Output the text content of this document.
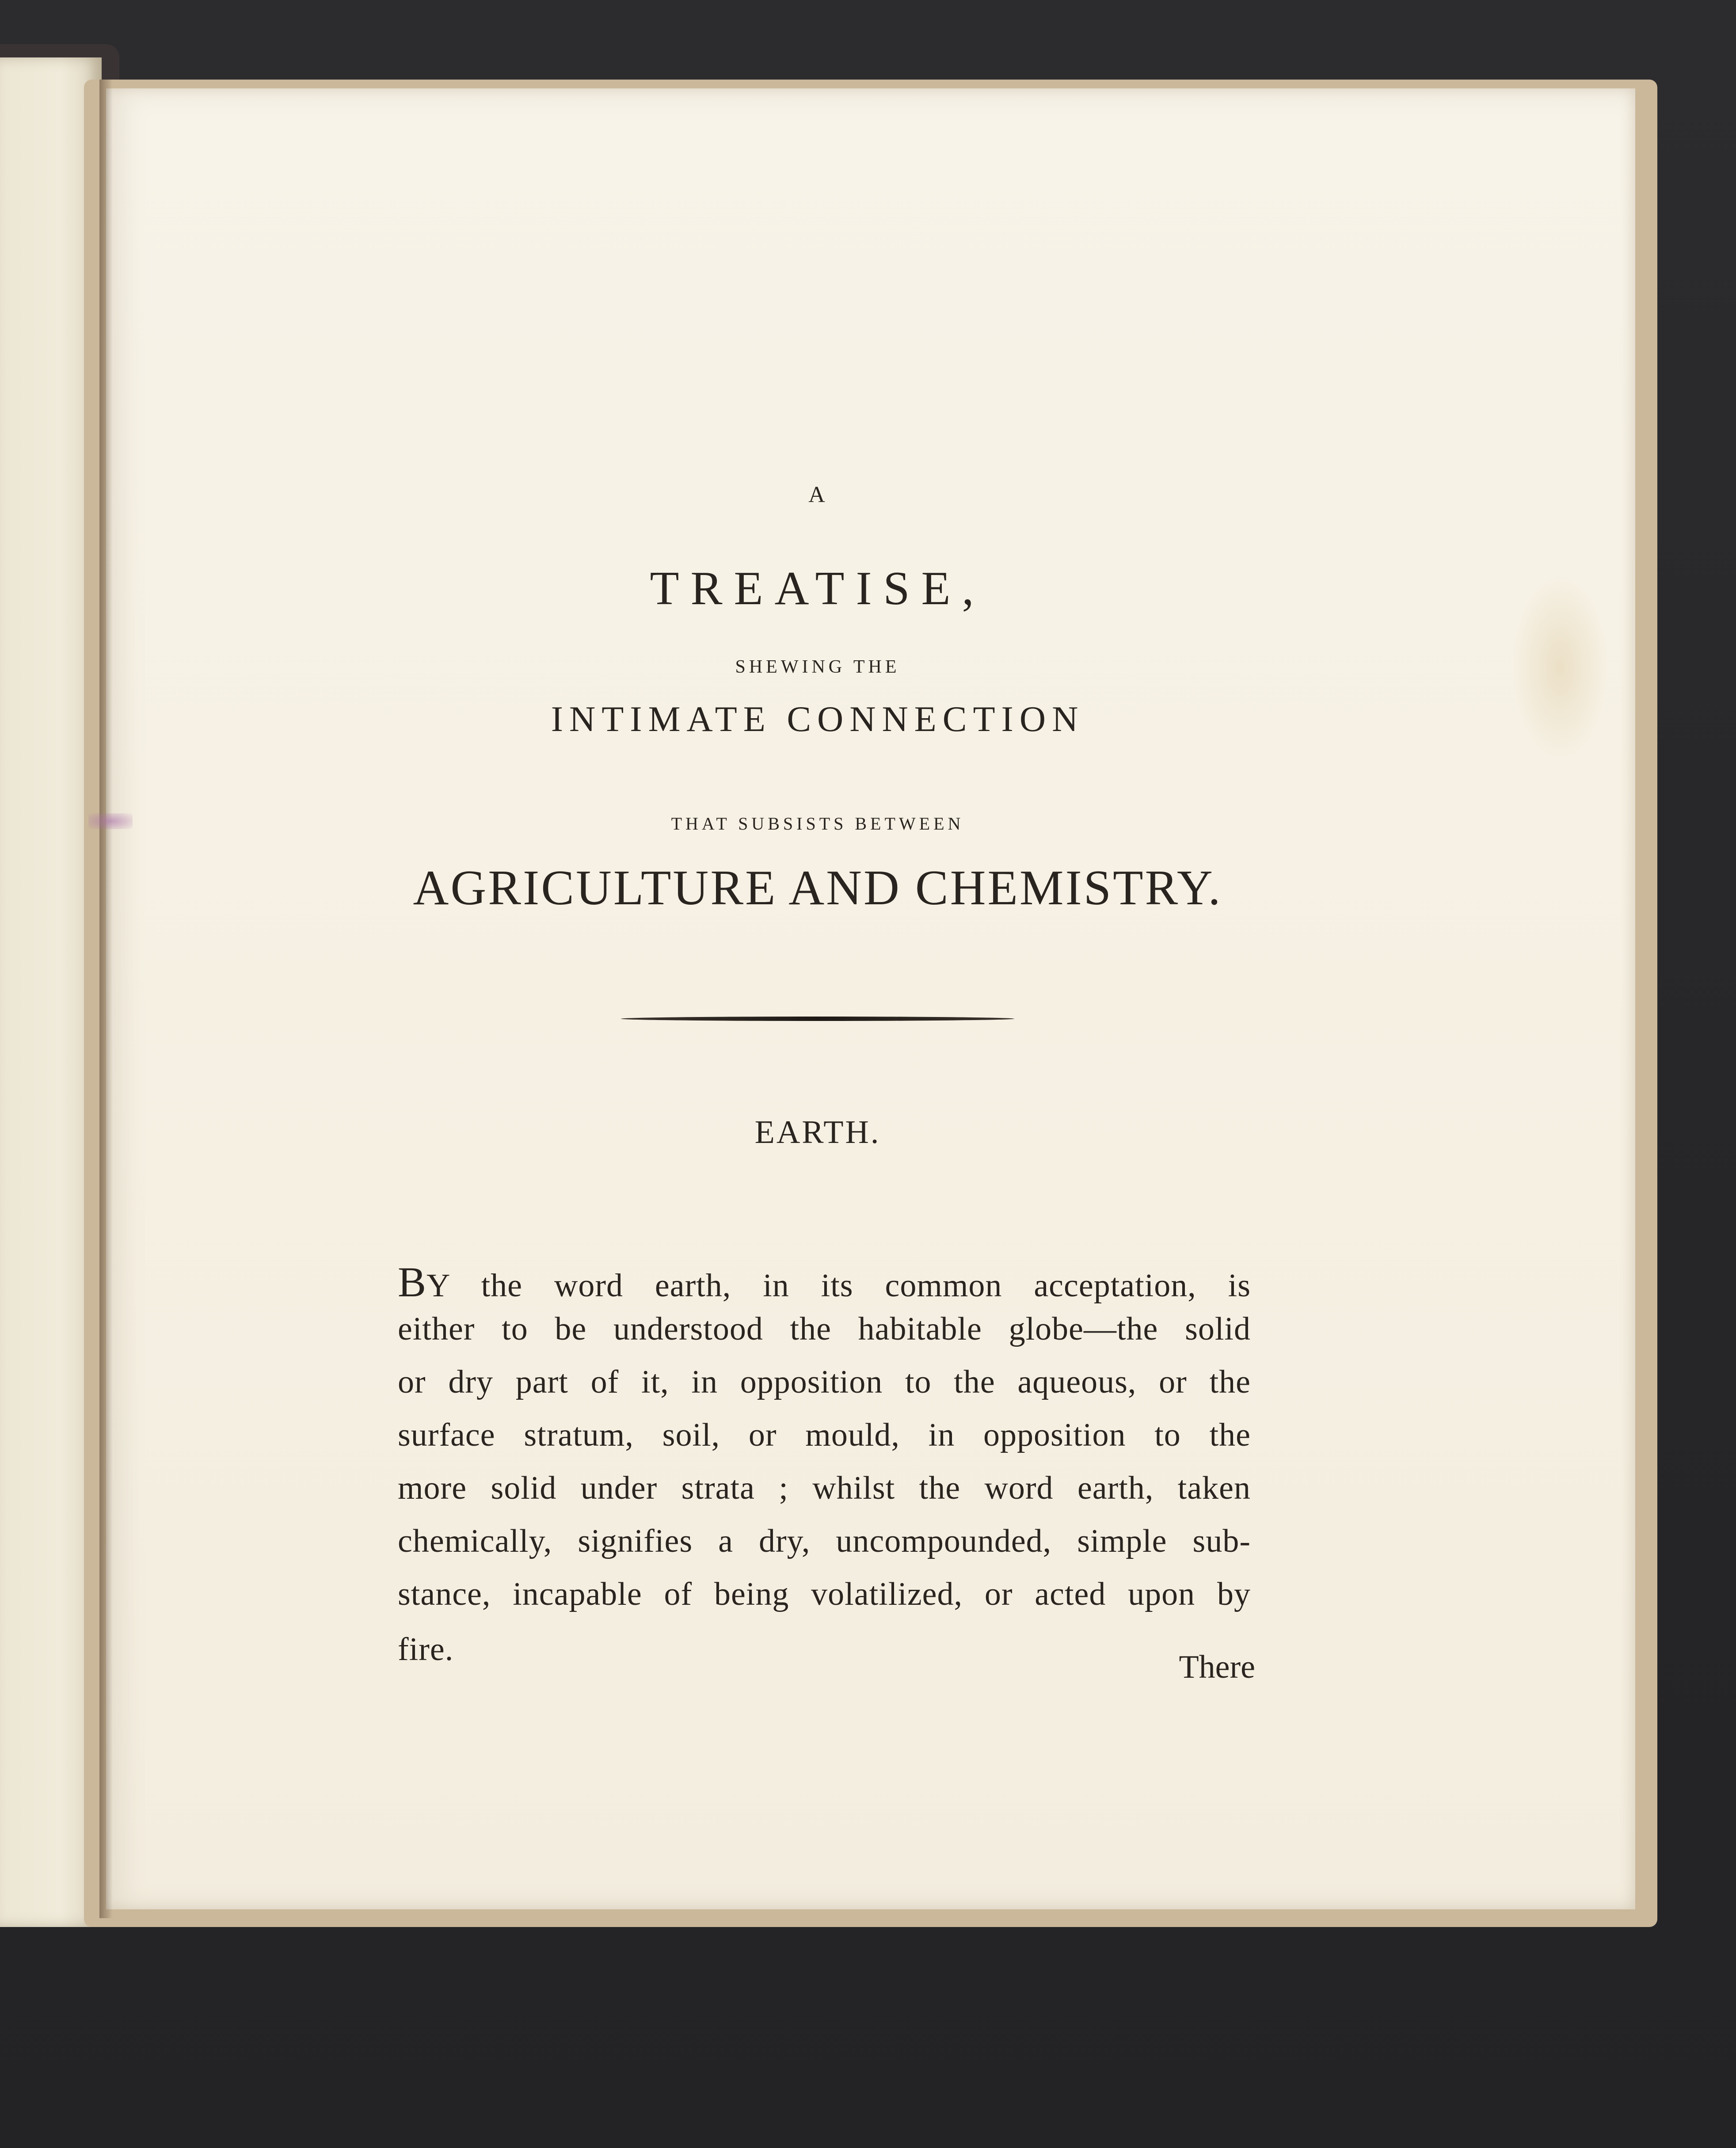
A
TREATISE,
SHEWING THE
INTIMATE CONNECTION
THAT SUBSISTS BETWEEN
AGRICULTURE AND CHEMISTRY.
EARTH.
BY the word earth, in its common acceptation, is
either to be understood the habitable globe—the solid
or dry part of it, in opposition to the aqueous, or the
surface stratum, soil, or mould, in opposition to the
more solid under strata ; whilst the word earth, taken
chemically, signifies a dry, uncompounded, simple sub-
stance, incapable of being volatilized, or acted upon by
fire.	There
